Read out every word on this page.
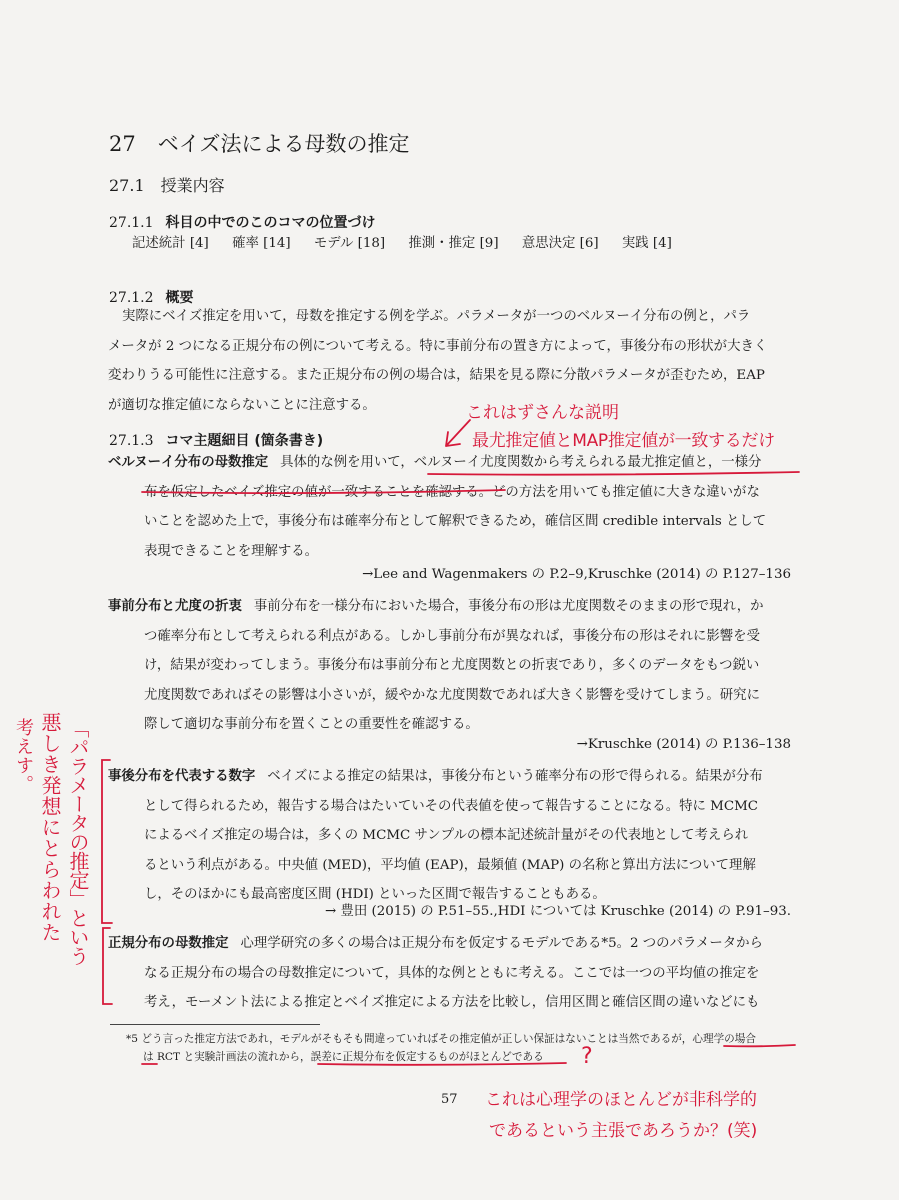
27 ベイズ法による母数の推定
27.1 授業内容
27.1.1 科目の中でのこのコマの位置づけ
記述統計 [4] 確率 [14] モデル [18] 推測・推定 [9] 意思決定 [6] 実践 [4]
27.1.2 概要
実際にベイズ推定を用いて，母数を推定する例を学ぶ。パラメータが一つのベルヌーイ分布の例と，パラ
メータが 2 つになる正規分布の例について考える。特に事前分布の置き方によって，事後分布の形状が大きく
変わりうる可能性に注意する。また正規分布の例の場合は，結果を見る際に分散パラメータが歪むため，EAP
が適切な推定値にならないことに注意する。
27.1.3 コマ主題細目 (箇条書き)
ベルヌーイ分布の母数推定 具体的な例を用いて，ベルヌーイ尤度関数から考えられる最尤推定値と，一様分
布を仮定したベイズ推定の値が一致することを確認する。どの方法を用いても推定値に大きな違いがな
いことを認めた上で，事後分布は確率分布として解釈できるため，確信区間 credible intervals として
表現できることを理解する。
→Lee and Wagenmakers の P.2–9,Kruschke (2014) の P.127–136
事前分布と尤度の折衷 事前分布を一様分布においた場合，事後分布の形は尤度関数そのままの形で現れ，か
つ確率分布として考えられる利点がある。しかし事前分布が異なれば，事後分布の形はそれに影響を受
け，結果が変わってしまう。事後分布は事前分布と尤度関数との折衷であり，多くのデータをもつ鋭い
尤度関数であればその影響は小さいが，緩やかな尤度関数であれば大きく影響を受けてしまう。研究に
際して適切な事前分布を置くことの重要性を確認する。
→Kruschke (2014) の P.136–138
事後分布を代表する数字 ベイズによる推定の結果は，事後分布という確率分布の形で得られる。結果が分布
として得られるため，報告する場合はたいていその代表値を使って報告することになる。特に MCMC
によるベイズ推定の場合は，多くの MCMC サンプルの標本記述統計量がその代表地として考えられ
るという利点がある。中央値 (MED)，平均値 (EAP)，最頻値 (MAP) の名称と算出方法について理解
し，そのほかにも最高密度区間 (HDI) といった区間で報告することもある。
→ 豊田 (2015) の P.51–55.,HDI については Kruschke (2014) の P.91–93.
正規分布の母数推定 心理学研究の多くの場合は正規分布を仮定するモデルである*5。2 つのパラメータから
なる正規分布の場合の母数推定について，具体的な例とともに考える。ここでは一つの平均値の推定を
考え，モーメント法による推定とベイズ推定による方法を比較し，信用区間と確信区間の違いなどにも
*5 どう言った推定方法であれ，モデルがそもそも間違っていればその推定値が正しい保証はないことは当然であるが，心理学の場合
は RCT と実験計画法の流れから，誤差に正規分布を仮定するものがほとんどである
57
これはずさんな説明
最尤推定値とMAP推定値が一致するだけ
考えす。 悪しき発想にとらわれた 「パラメータの推定」という
?
これは心理学のほとんどが非科学的
であるという主張であろうか？(笑)
